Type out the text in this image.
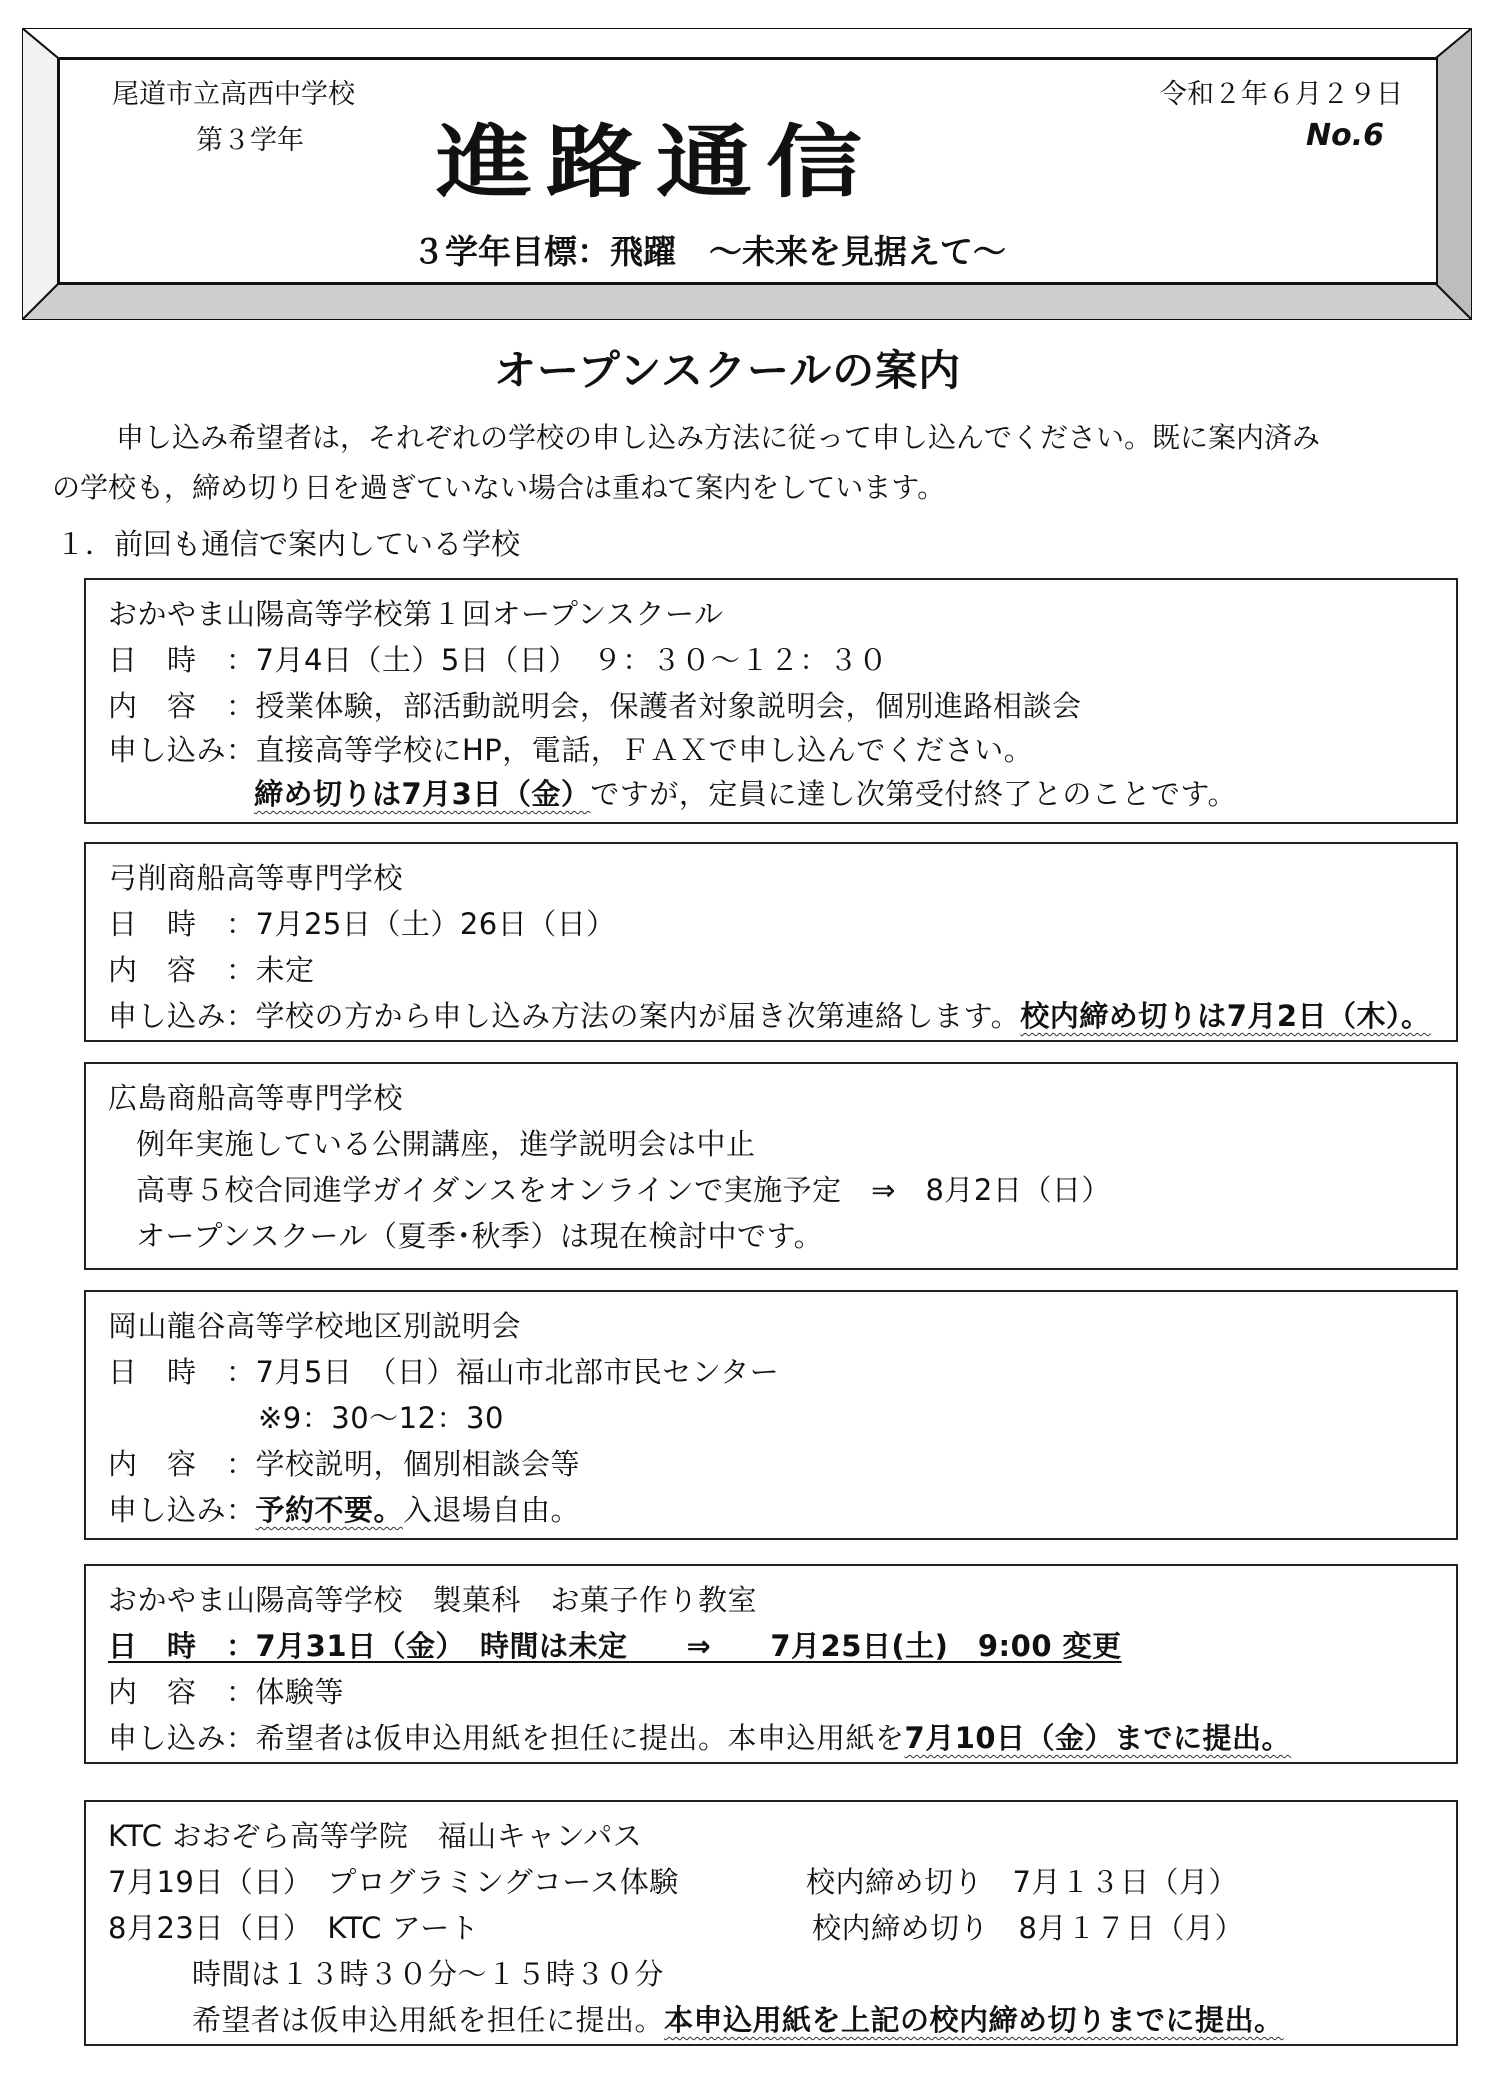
尾道市立高西中学校
第３学年 進路通信
令和２年６月２９日
No.6
３学年目標：飛躍　～未来を見据えて～
オープンスクールの案内
申し込み希望者は，それぞれの学校の申し込み方法に従って申し込んでください。既に案内済み
の学校も，締め切り日を過ぎていない場合は重ねて案内をしています。
１．前回も通信で案内している学校
おかやま山陽高等学校第１回オープンスクール
日　時　：7月4日（土）5日（日）　９：３０～１２：３０
内　容　：授業体験，部活動説明会，保護者対象説明会，個別進路相談会
申し込み：直接高等学校にHP，電話，ＦＡＸで申し込んでください。
締め切りは7月3日（金）ですが，定員に達し次第受付終了とのことです。
弓削商船高等専門学校
日　時　：7月25日（土）26日（日）
内　容　：未定
申し込み：学校の方から申し込み方法の案内が届き次第連絡します。校内締め切りは7月2日（木）。
広島商船高等専門学校
例年実施している公開講座，進学説明会は中止
高専５校合同進学ガイダンスをオンラインで実施予定　⇒　8月2日（日）
オープンスクール（夏季･秋季）は現在検討中です。
岡山龍谷高等学校地区別説明会
日　時　：7月5日　（日）福山市北部市民センター
※9：30～12：30
内　容　：学校説明，個別相談会等
申し込み：予約不要。入退場自由。
おかやま山陽高等学校　製菓科　お菓子作り教室
日　時　：7月31日（金）　時間は未定　　⇒　　7月25日(土)　9:00 変更
内　容　：体験等
申し込み：希望者は仮申込用紙を担任に提出。本申込用紙を7月10日（金）までに提出。
KTC おおぞら高等学院　福山キャンパス
7月19日（日）　プログラミングコース体験	校内締め切り　7月１３日（月）
8月23日（日）　KTC アート	校内締め切り　8月１７日（月）
時間は１３時３０分～１５時３０分
希望者は仮申込用紙を担任に提出。本申込用紙を上記の校内締め切りまでに提出。
